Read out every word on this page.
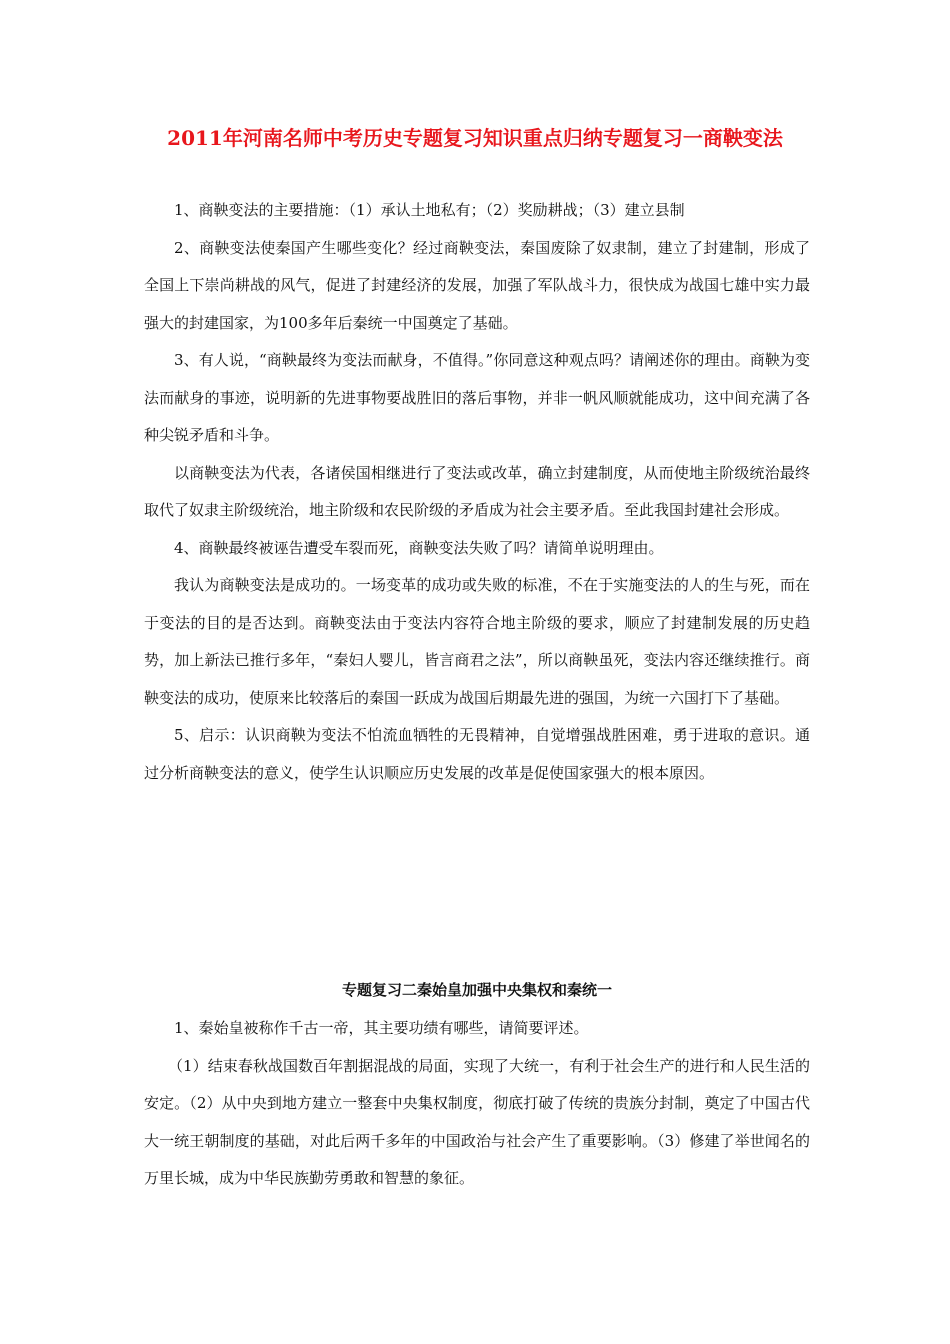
2011年河南名师中考历史专题复习知识重点归纳专题复习一商鞅变法

1、商鞅变法的主要措施：（1）承认土地私有；（2）奖励耕战；（3）建立县制

2、商鞅变法使秦国产生哪些变化？经过商鞅变法，秦国废除了奴隶制，建立了封建制，形成了全国上下崇尚耕战的风气，促进了封建经济的发展，加强了军队战斗力，很快成为战国七雄中实力最强大的封建国家，为100多年后秦统一中国奠定了基础。

3、有人说，“商鞅最终为变法而献身，不值得。”你同意这种观点吗？请阐述你的理由。商鞅为变法而献身的事迹，说明新的先进事物要战胜旧的落后事物，并非一帆风顺就能成功，这中间充满了各种尖锐矛盾和斗争。

以商鞅变法为代表，各诸侯国相继进行了变法或改革，确立封建制度，从而使地主阶级统治最终取代了奴隶主阶级统治，地主阶级和农民阶级的矛盾成为社会主要矛盾。至此我国封建社会形成。

4、商鞅最终被诬告遭受车裂而死，商鞅变法失败了吗？请简单说明理由。

我认为商鞅变法是成功的。一场变革的成功或失败的标准，不在于实施变法的人的生与死，而在于变法的目的是否达到。商鞅变法由于变法内容符合地主阶级的要求，顺应了封建制发展的历史趋势，加上新法已推行多年，“秦妇人婴儿，皆言商君之法”，所以商鞅虽死，变法内容还继续推行。商鞅变法的成功，使原来比较落后的秦国一跃成为战国后期最先进的强国，为统一六国打下了基础。

5、启示：认识商鞅为变法不怕流血牺牲的无畏精神，自觉增强战胜困难，勇于进取的意识。通过分析商鞅变法的意义，使学生认识顺应历史发展的改革是促使国家强大的根本原因。

专题复习二秦始皇加强中央集权和秦统一

1、秦始皇被称作千古一帝，其主要功绩有哪些，请简要评述。

（1）结束春秋战国数百年割据混战的局面，实现了大统一，有利于社会生产的进行和人民生活的安定。（2）从中央到地方建立一整套中央集权制度，彻底打破了传统的贵族分封制，奠定了中国古代大一统王朝制度的基础，对此后两千多年的中国政治与社会产生了重要影响。（3）修建了举世闻名的万里长城，成为中华民族勤劳勇敢和智慧的象征。
